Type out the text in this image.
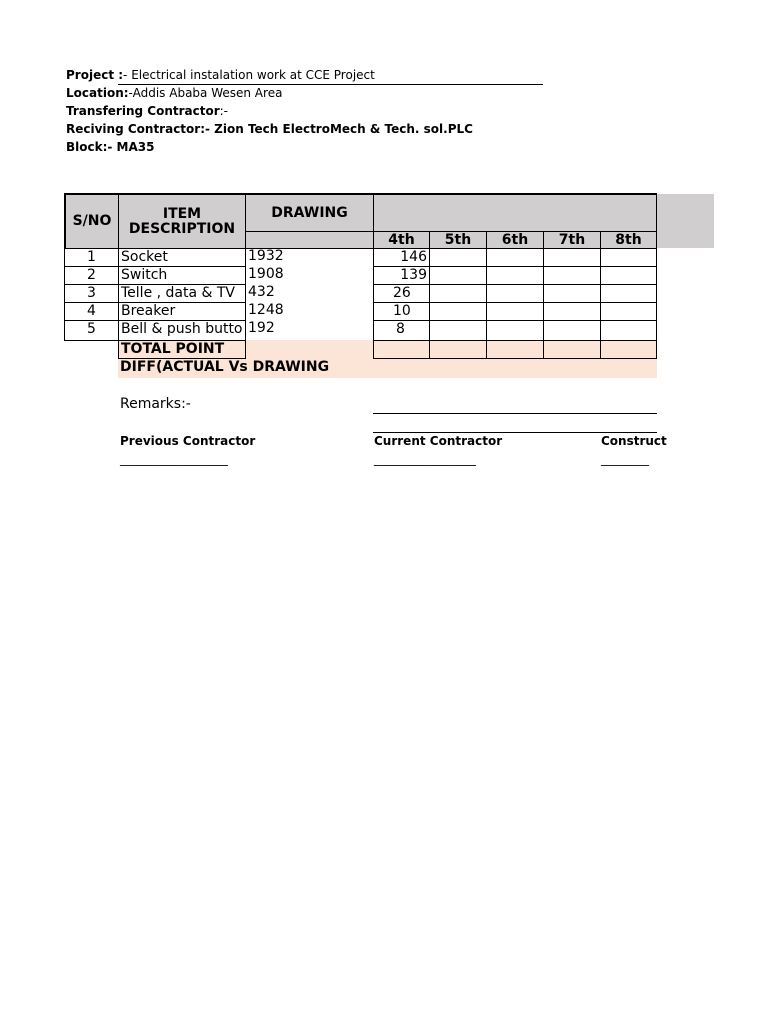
Project :- Electrical instalation work at CCE Project
Location:-Addis Ababa Wesen Area
Transfering Contractor:-
Reciving Contractor:- Zion Tech ElectroMech & Tech. sol.PLC
Block:- MA35
S/NO	ITEM DESCRIPTION
DRAWING
4th	5th	6th	7th	8th
1	Socket	1932	146
2	Switch	1908	139
3	Telle , data & TV 432	26
4	Breaker	1248	10
5	Bell & push butto 192	8
TOTAL POINT
DIFF(ACTUAL Vs DRAWING
Remarks:-
Previous Contractor	Current Contractor	Construct
__________________	_________________	________
